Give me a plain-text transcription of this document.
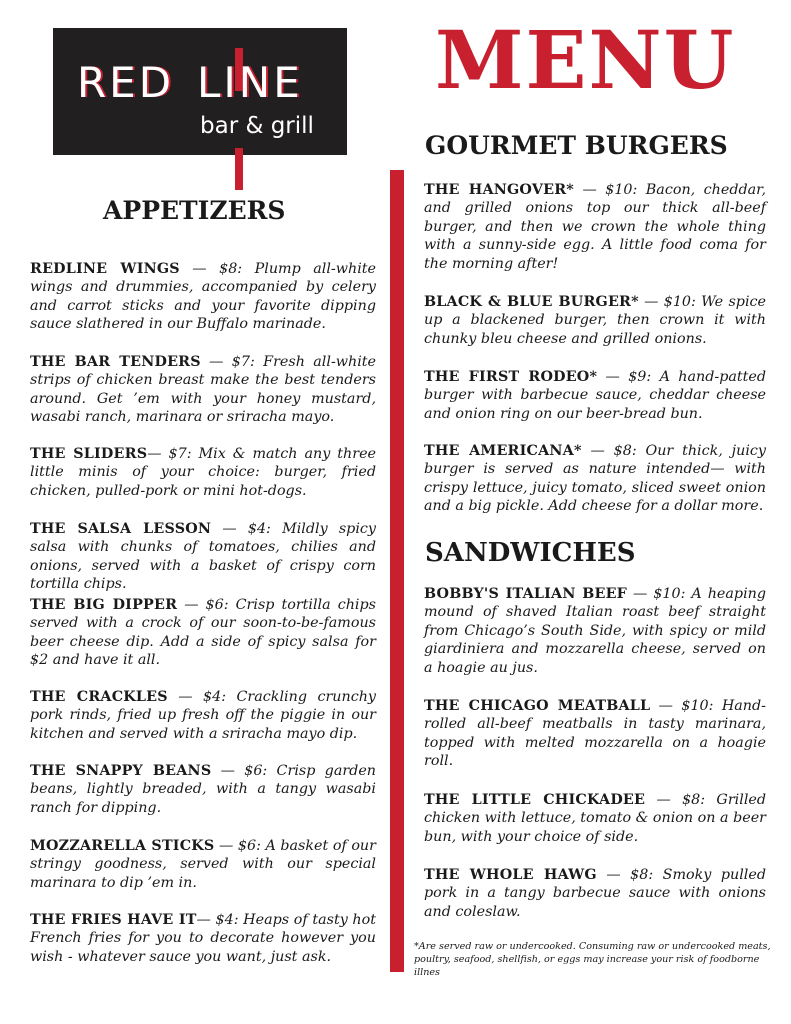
RED LINE
bar & grill
MENU
APPETIZERS

REDLINE WINGS — $8: Plump all-white wings and drummies, accompanied by celery and carrot sticks and your favorite dipping sauce slathered in our Buffalo marinade.

THE BAR TENDERS — $7: Fresh all-white strips of chicken breast make the best tenders around. Get ’em with your honey mustard, wasabi ranch, marinara or sriracha mayo.

THE SLIDERS— $7: Mix & match any three little minis of your choice: burger, fried chicken, pulled-pork or mini hot-dogs.

THE SALSA LESSON — $4: Mildly spicy salsa with chunks of tomatoes, chilies and onions, served with a basket of crispy corn tortilla chips.

THE BIG DIPPER — $6: Crisp tortilla chips served with a crock of our soon-to-be-famous beer cheese dip. Add a side of spicy salsa for $2 and have it all.

THE CRACKLES — $4: Crackling crunchy pork rinds, fried up fresh off the piggie in our kitchen and served with a sriracha mayo dip.

THE SNAPPY BEANS — $6: Crisp garden beans, lightly breaded, with a tangy wasabi ranch for dipping.

MOZZARELLA STICKS — $6: A basket of our stringy goodness, served with our special marinara to dip ’em in.

THE FRIES HAVE IT— $4: Heaps of tasty hot French fries for you to decorate however you wish - whatever sauce you want, just ask.

GOURMET BURGERS

THE HANGOVER* — $10: Bacon, cheddar, and grilled onions top our thick all-beef burger, and then we crown the whole thing with a sunny-side egg. A little food coma for the morning after!

BLACK & BLUE BURGER* — $10: We spice up a blackened burger, then crown it with chunky bleu cheese and grilled onions.

THE FIRST RODEO* — $9: A hand-patted burger with barbecue sauce, cheddar cheese and onion ring on our beer-bread bun.

THE AMERICANA* — $8: Our thick, juicy burger is served as nature intended— with crispy lettuce, juicy tomato, sliced sweet onion and a big pickle. Add cheese for a dollar more.

SANDWICHES

BOBBY'S ITALIAN BEEF — $10: A heaping mound of shaved Italian roast beef straight from Chicago’s South Side, with spicy or mild giardiniera and mozzarella cheese, served on a hoagie au jus.

THE CHICAGO MEATBALL — $10: Hand-rolled all-beef meatballs in tasty marinara, topped with melted mozzarella on a hoagie roll.

THE LITTLE CHICKADEE — $8: Grilled chicken with lettuce, tomato & onion on a beer bun, with your choice of side.

THE WHOLE HAWG — $8: Smoky pulled pork in a tangy barbecue sauce with onions and coleslaw.

*Are served raw or undercooked. Consuming raw or undercooked meats, poultry, seafood, shellfish, or eggs may increase your risk of foodborne illnes
